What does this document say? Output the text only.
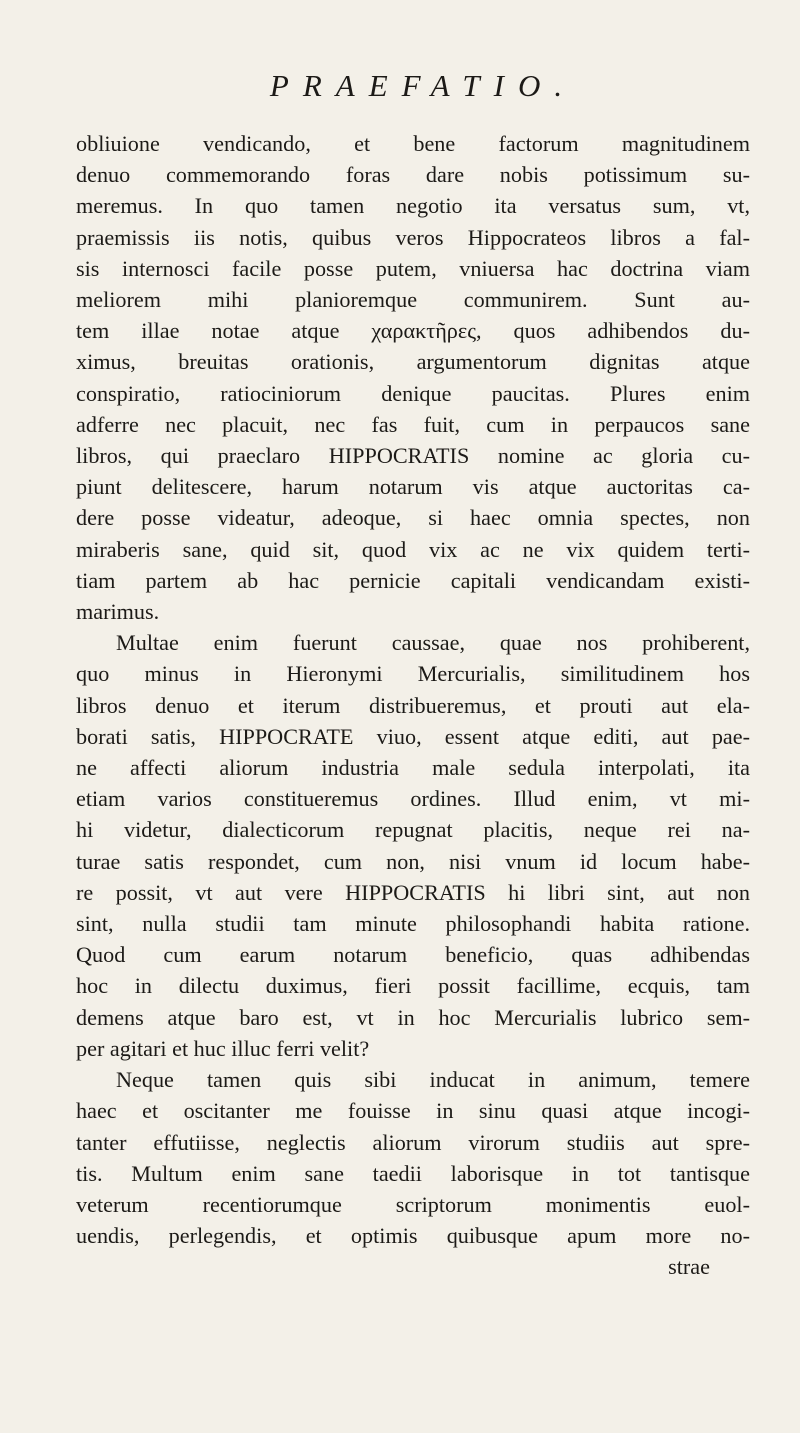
PRAEFATIO.
obliuione vendicando, et bene factorum magnitudinem
denuo commemorando foras dare nobis potissimum su-
meremus. In quo tamen negotio ita versatus sum, vt,
praemissis iis notis, quibus veros Hippocrateos libros a fal-
sis internosci facile posse putem, vniuersa hac doctrina viam
meliorem mihi planioremque communirem. Sunt au-
tem illae notae atque χαρακτῆρες, quos adhibendos du-
ximus, breuitas orationis, argumentorum dignitas atque
conspiratio, ratiociniorum denique paucitas. Plures enim
adferre nec placuit, nec fas fuit, cum in perpaucos sane
libros, qui praeclaro HIPPOCRATIS nomine ac gloria cu-
piunt delitescere, harum notarum vis atque auctoritas ca-
dere posse videatur, adeoque, si haec omnia spectes, non
miraberis sane, quid sit, quod vix ac ne vix quidem terti-
tiam partem ab hac pernicie capitali vendicandam existi-
marimus.
Multae enim fuerunt caussae, quae nos prohiberent,
quo minus in Hieronymi Mercurialis, similitudinem hos
libros denuo et iterum distribueremus, et prouti aut ela-
borati satis, HIPPOCRATE viuo, essent atque editi, aut pae-
ne affecti aliorum industria male sedula interpolati, ita
etiam varios constitueremus ordines. Illud enim, vt mi-
hi videtur, dialecticorum repugnat placitis, neque rei na-
turae satis respondet, cum non, nisi vnum id locum habe-
re possit, vt aut vere HIPPOCRATIS hi libri sint, aut non
sint, nulla studii tam minute philosophandi habita ratione.
Quod cum earum notarum beneficio, quas adhibendas
hoc in dilectu duximus, fieri possit facillime, ecquis, tam
demens atque baro est, vt in hoc Mercurialis lubrico sem-
per agitari et huc illuc ferri velit?
Neque tamen quis sibi inducat in animum, temere
haec et oscitanter me fouisse in sinu quasi atque incogi-
tanter effutiisse, neglectis aliorum virorum studiis aut spre-
tis. Multum enim sane taedii laborisque in tot tantisque
veterum recentiorumque scriptorum monimentis euol-
uendis, perlegendis, et optimis quibusque apum more no-
strae
